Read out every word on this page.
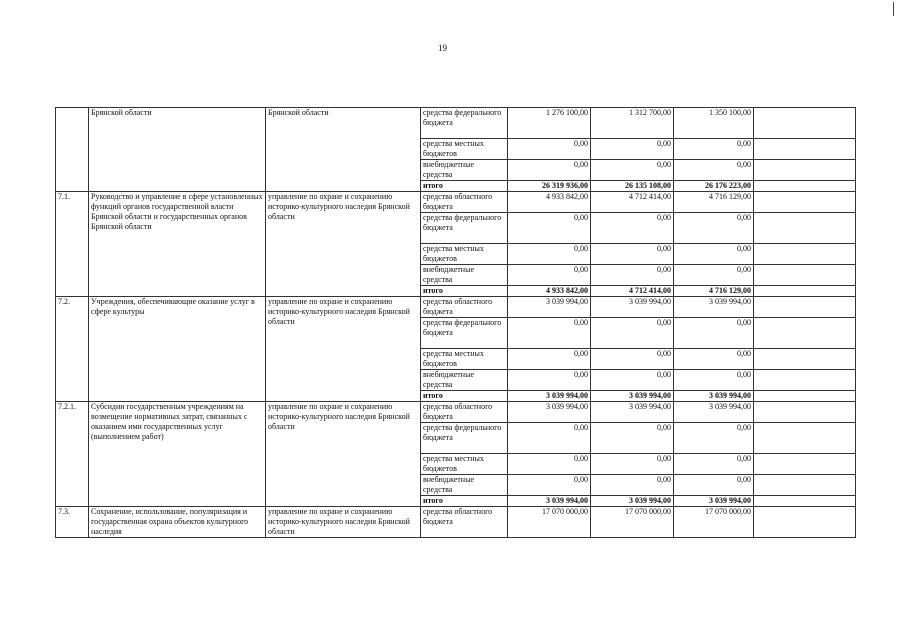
19
	Брянской области	Брянской области	средства федерального бюджета	1 276 100,00	1 312 700,00	1 350 100,00	
			средства местных бюджетов	0,00	0,00	0,00	
			внебюджетные средства	0,00	0,00	0,00	
			итого	26 319 936,00	26 135 108,00	26 176 223,00	
7.1.	Руководство и управление в сфере установленных функций органов государственной власти Брянской области и государственных органов Брянской области	управление по охране и сохранению историко-культурного наследия Брянской области	средства областного бюджета	4 933 842,00	4 712 414,00	4 716 129,00	
			средства федерального бюджета	0,00	0,00	0,00	
			средства местных бюджетов	0,00	0,00	0,00	
			внебюджетные средства	0,00	0,00	0,00	
			итого	4 933 842,00	4 712 414,00	4 716 129,00	
7.2.	Учреждения, обеспечивающие оказание услуг в сфере культуры	управление по охране и сохранению историко-культурного наследия Брянской области	средства областного бюджета	3 039 994,00	3 039 994,00	3 039 994,00	
			средства федерального бюджета	0,00	0,00	0,00	
			средства местных бюджетов	0,00	0,00	0,00	
			внебюджетные средства	0,00	0,00	0,00	
			итого	3 039 994,00	3 039 994,00	3 039 994,00	
7.2.1.	Субсидии государственным учреждениям на возмещение нормативных затрат, связанных с оказанием ими государственных услуг (выполнением работ)	управление по охране и сохранению историко-культурного наследия Брянской области	средства областного бюджета	3 039 994,00	3 039 994,00	3 039 994,00	
			средства федерального бюджета	0,00	0,00	0,00	
			средства местных бюджетов	0,00	0,00	0,00	
			внебюджетные средства	0,00	0,00	0,00	
			итого	3 039 994,00	3 039 994,00	3 039 994,00	
7.3.	Сохранение, использование, популяризация и государственная охрана объектов культурного наследия	управление по охране и сохранению историко-культурного наследия Брянской области	средства областного бюджета	17 070 000,00	17 070 000,00	17 070 000,00	
